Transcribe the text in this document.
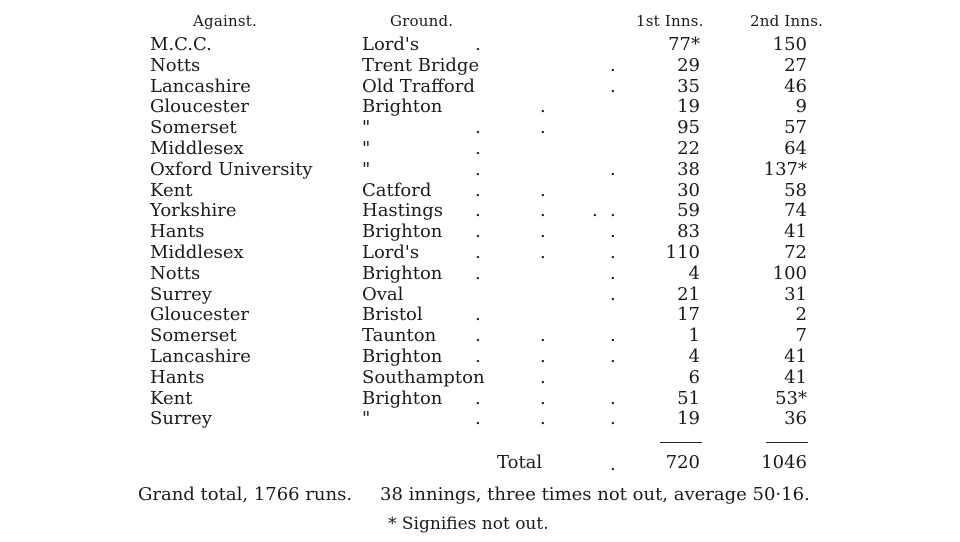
Against.	Ground.	1st Inns.	2nd Inns.
M.C.C.	Lord's	.	77*	150
Notts	Trent Bridge	.	29	27
Lancashire	Old Trafford	.	35	46
Gloucester	Brighton	.	19	9
Somerset	"	.	.	95	57
Middlesex	"	.	22	64
Oxford University	"	.	.	38	137*
Kent	Catford .	.	30	58
Yorkshire	Hastings .	.	. .	59	74
Hants	Brighton .	.	.	83	41
Middlesex	Lord's	.	.	.	110	72
Notts	Brighton .	.	4	100
Surrey	Oval	.	21	31
Gloucester	Bristol	.	17	2
Somerset	Taunton .	.	.	1	7
Lancashire	Brighton .	.	.	4	41
Hants	Southampton	.	6	41
Kent	Brighton .	.	.	51	53*
Surrey	"	.	.	.	19	36
Total	.	720	1046
Grand total, 1766 runs. 38 innings, three times not out, average 50·16.
* Signifies not out.
